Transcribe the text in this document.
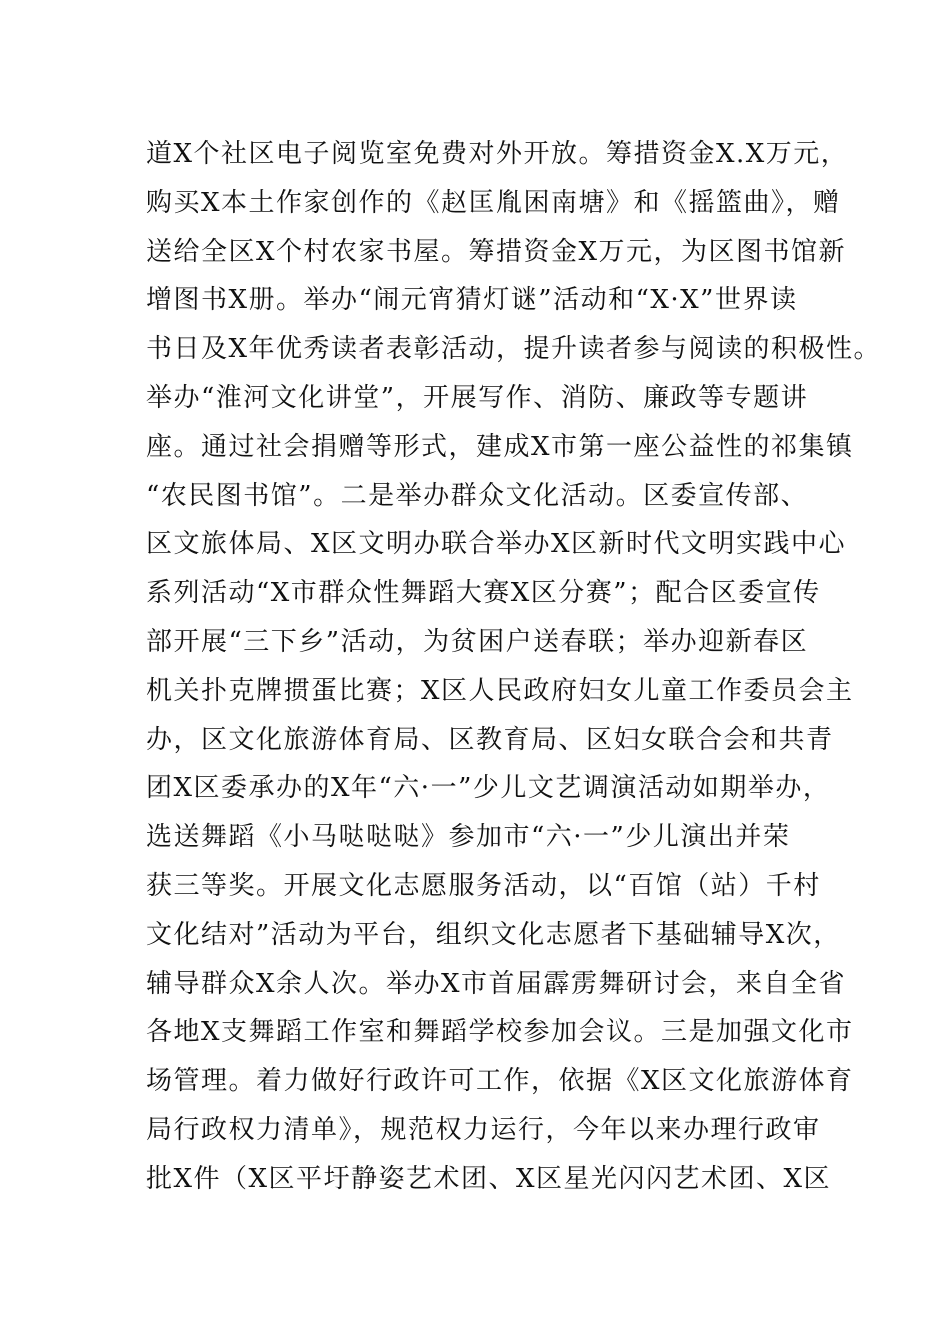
道X个社区电子阅览室免费对外开放。筹措资金X.X万元，
购买X本土作家创作的《赵匡胤困南塘》和《摇篮曲》，赠
送给全区X个村农家书屋。筹措资金X万元，为区图书馆新
增图书X册。举办“闹元宵猜灯谜”活动和“X·X”世界读
书日及X年优秀读者表彰活动，提升读者参与阅读的积极性。
举办“淮河文化讲堂”，开展写作、消防、廉政等专题讲
座。通过社会捐赠等形式，建成X市第一座公益性的祁集镇
“农民图书馆”。二是举办群众文化活动。区委宣传部、
区文旅体局、X区文明办联合举办X区新时代文明实践中心
系列活动“X市群众性舞蹈大赛X区分赛”；配合区委宣传
部开展“三下乡”活动，为贫困户送春联；举办迎新春区
机关扑克牌掼蛋比赛；X区人民政府妇女儿童工作委员会主
办，区文化旅游体育局、区教育局、区妇女联合会和共青
团X区委承办的X年“六·一”少儿文艺调演活动如期举办，
选送舞蹈《小马哒哒哒》参加市“六·一”少儿演出并荣
获三等奖。开展文化志愿服务活动，以“百馆（站）千村
文化结对”活动为平台，组织文化志愿者下基础辅导X次，
辅导群众X余人次。举办X市首届霹雳舞研讨会，来自全省
各地X支舞蹈工作室和舞蹈学校参加会议。三是加强文化市
场管理。着力做好行政许可工作，依据《X区文化旅游体育
局行政权力清单》，规范权力运行，今年以来办理行政审
批X件（X区平圩静姿艺术团、X区星光闪闪艺术团、X区
